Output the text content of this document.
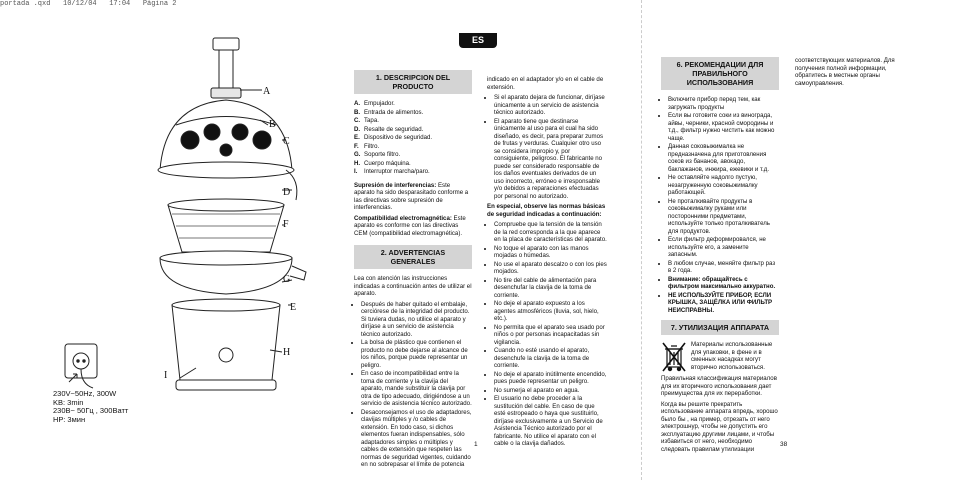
portada .qxd   10/12/04   17:04   Página 2
A
B
C
D
F
G
E
H
I
230V~50Hz, 300W
KB: 3min
230В~ 50Гц , 300Ватт
НР: 3мин
ES
1. DESCRIPCION DEL PRODUCTO
A. Empujador.
B. Entrada de alimentos.
C. Tapa.
D. Resalte de seguridad.
E. Dispositivo de seguridad.
F. Filtro.
G. Soporte filtro.
H. Cuerpo máquina.
I.	Interruptor marcha/paro.

Supresión de interferencias: Este aparato ha sido desparasitado conforme a las directivas sobre supresión de interferencias.

Compatibilidad electromagnética: Este aparato es conforme con las directivas CEM (compatibilidad electromagnética).

2. ADVERTENCIAS GENERALES

Lea con atención las instrucciones indicadas a continuación antes de utilizar el aparato.

• Después de haber quitado el embalaje, cerciórese de la integridad del producto. Si tuviera dudas, no utilice el aparato y diríjase a un servicio de asistencia técnico autorizado.
• La bolsa de plástico que contienen el producto no debe dejarse al alcance de los niños, porque puede representar un peligro.
• En caso de incompatibilidad entre la toma de corriente y la clavija del aparato, mande substituir la clavija por otra de tipo adecuado, dirigiéndose a un servicio de asistencia técnico autorizado.
• Desaconsejamos el uso de adaptadores, clavijas múltiples y /o cables de extensión. En todo caso, si dichos elementos fueran indispensables, sólo adaptadores simples o múltiples y cables de extensión que respeten las normas de seguridad vigentes, cuidando en no sobrepasar el límite de potencia

indicado en el adaptador y/o en el cable de extensión.

• Si el aparato dejara de funcionar, diríjase únicamente a un servicio de asistencia técnico autorizado.
• El aparato tiene que destinarse únicamente al uso para el cual ha sido diseñado, es decir, para preparar zumos de frutas y verduras. Cualquier otro uso se considera impropio y, por consiguiente, peligroso. El fabricante no puede ser considerado responsable de los daños eventuales derivados de un uso incorrecto, erróneo e irresponsable y/o debidos a reparaciones efectuadas por personal no autorizado.

En especial, observe las normas básicas de seguridad indicadas a continuación:

• Compruebe que la tensión de la tensión de la red corresponda a la que aparece en la placa de características del aparato.
• No toque el aparato con las manos mojadas o húmedas.
• No use el aparato descalzo o con los pies mojados.
• No tire del cable de alimentación para desenchufar la clavija de la toma de corriente.
• No deje el aparato expuesto a los agentes atmosféricos (lluvia, sol, hielo, etc.).
• No permita que el aparato sea usado por niños o por personas incapacitadas sin vigilancia.
• Cuando no esté usando el aparato, desenchufe la clavija de la toma de corriente.
• No deje el aparato inútilmente encendido, pues puede representar un peligro.
• No sumerja el aparato en agua.
• El usuario no debe proceder a la sustitución del cable. En caso de que esté estropeado o haya que sustituirlo, diríjase exclusivamente a un Servicio de Asistencia Técnico autorizado por el fabricante. No utilice el aparato con el cable o la clavija dañados.
1
6. РЕКОМЕНДАЦИИ ДЛЯ ПРАВИЛЬНОГО ИСПОЛЬЗОВАНИЯ
• Включите прибор перед тем, как загружать продукты
• Если вы готовите соки из винограда, айвы, черники, красной смородины и т.д., фильтр нужно чистить как можно чаще.
• Данная соковыжималка не предназначена для приготовления соков из бананов, авокадо, баклажанов, инжира, ежевики и т.д.
• Не оставляйте надолго пустую, незагруженную соковыжималку работающей.
• Не проталкивайте продукты в соковыжималку руками или посторонними предметами, используйте только проталкиватель для продуктов.
• Если фильтр деформировался, не используйте его, а замените запасным.
• В любом случае, меняйте фильтр раз в 2 года.
• Внимание: обращайтесь с фильтром максимально аккуратно.
• НЕ ИСПОЛЬЗУЙТЕ ПРИБОР, ЕСЛИ КРЫШКА, ЗАЩЁЛКА ИЛИ ФИЛЬТР НЕИСПРАВНЫ.
7. УТИЛИЗАЦИЯ АППАРАТА

Материалы использованные для упаковки, в фене и в сменных насадках могут вторично использоваться.

Правильная классификация материалов для их вторичного использования дает преимущества для их переработки.

Когда вы решите прекратить использование аппарата впредь, хорошо было бы , на пример, отрезать от него электрошнур, чтобы не допустить его эксплуатацию другими лицами, и чтобы избавиться от него, необходимо следовать правилам утилизации

соответствующих материалов. Для получения полной информации, обратитесь в местные органы самоуправления.

38
